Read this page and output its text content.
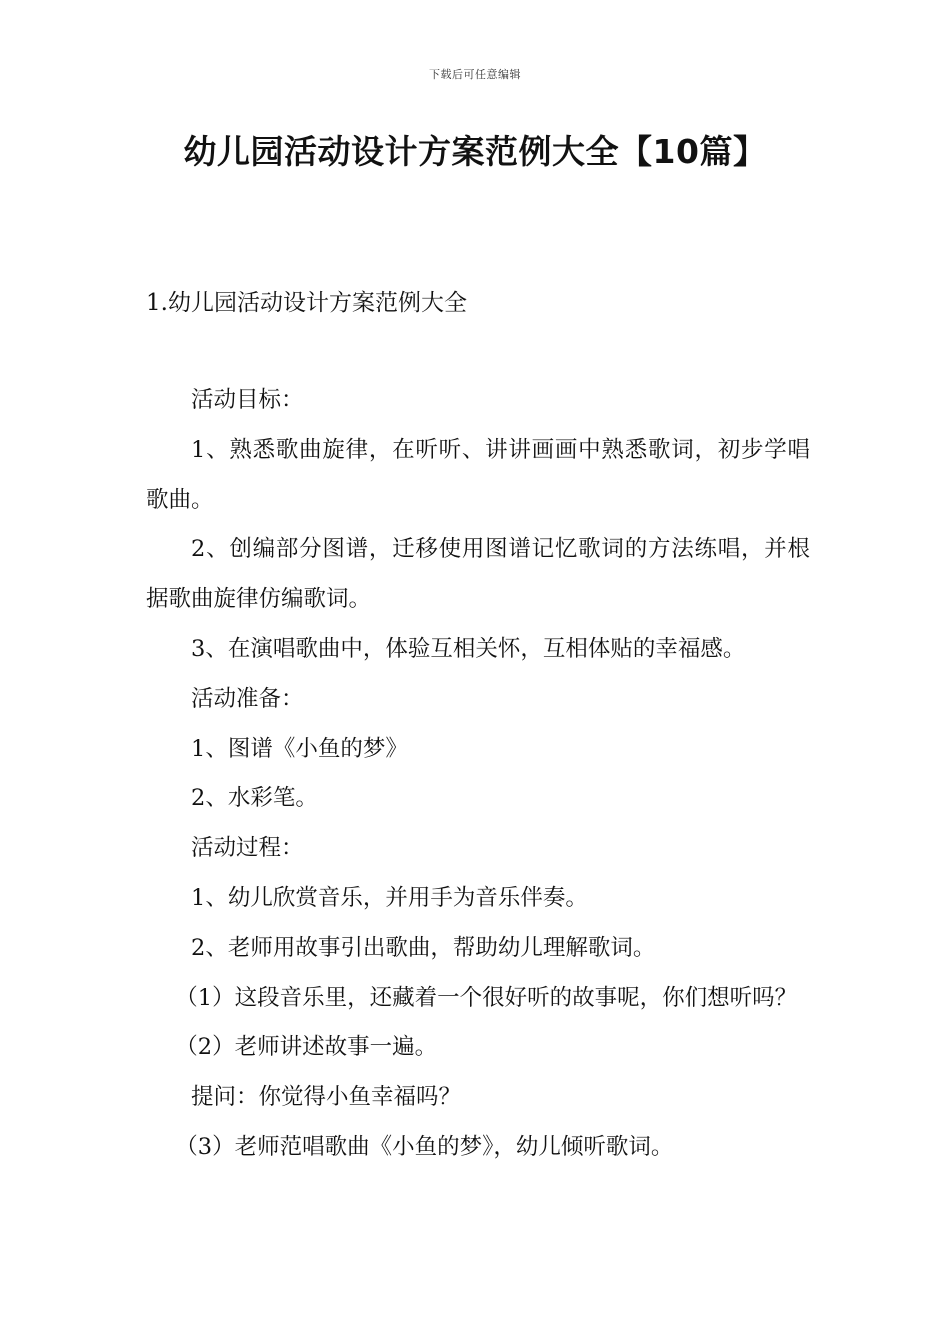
下载后可任意编辑
幼儿园活动设计方案范例大全【10篇】
1.幼儿园活动设计方案范例大全

活动目标：

1、熟悉歌曲旋律，在听听、讲讲画画中熟悉歌词，初步学唱歌曲。

2、创编部分图谱，迁移使用图谱记忆歌词的方法练唱，并根据歌曲旋律仿编歌词。

3、在演唱歌曲中，体验互相关怀，互相体贴的幸福感。

活动准备：

1、图谱《小鱼的梦》

2、水彩笔。

活动过程：

1、幼儿欣赏音乐，并用手为音乐伴奏。

2、老师用故事引出歌曲，帮助幼儿理解歌词。

（1）这段音乐里，还藏着一个很好听的故事呢，你们想听吗？

（2）老师讲述故事一遍。

提问：你觉得小鱼幸福吗？

（3）老师范唱歌曲《小鱼的梦》，幼儿倾听歌词。
